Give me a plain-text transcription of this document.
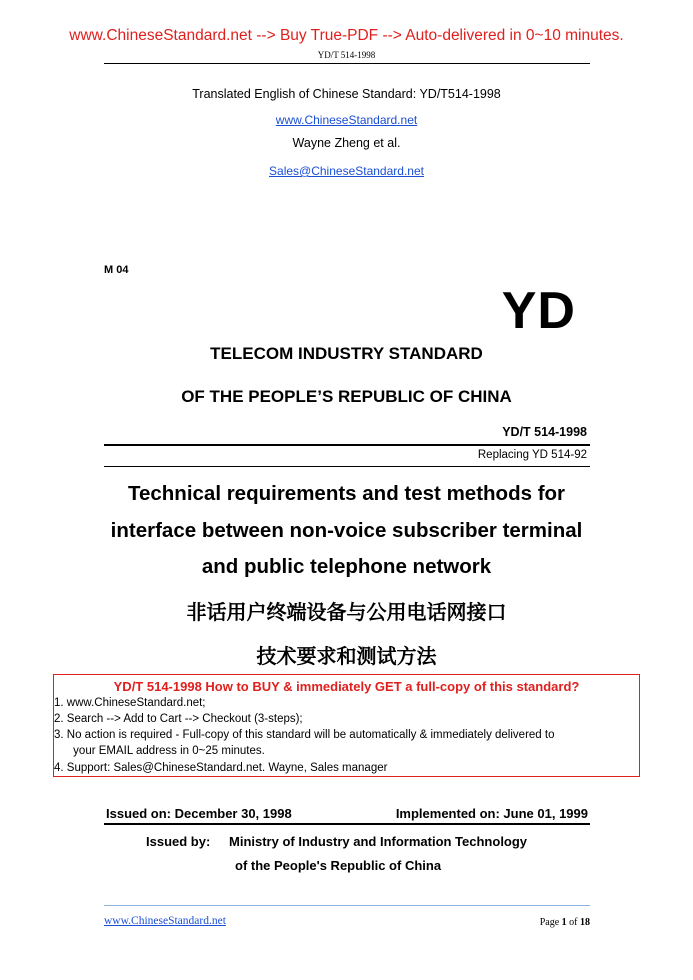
www.ChineseStandard.net --> Buy True-PDF --> Auto-delivered in 0~10 minutes.
YD/T 514-1998
Translated English of Chinese Standard: YD/T514-1998
www.ChineseStandard.net
Wayne Zheng et al.
Sales@ChineseStandard.net
M 04
YD
TELECOM INDUSTRY STANDARD
OF THE PEOPLE’S REPUBLIC OF CHINA
YD/T 514-1998
Replacing YD 514-92
Technical requirements and test methods for
interface between non-voice subscriber terminal
and public telephone network
非话用户终端设备与公用电话网接口
技术要求和测试方法
YD/T 514-1998 How to BUY & immediately GET a full-copy of this standard?
1. www.ChineseStandard.net;
2. Search --> Add to Cart --> Checkout (3-steps);
3. No action is required - Full-copy of this standard will be automatically & immediately delivered to
your EMAIL address in 0~25 minutes.
4. Support: Sales@ChineseStandard.net. Wayne, Sales manager
Issued on: December 30, 1998	Implemented on: June 01, 1999
Issued by: Ministry of Industry and Information Technology
of the People's Republic of China
www.ChineseStandard.net	Page 1 of 18
